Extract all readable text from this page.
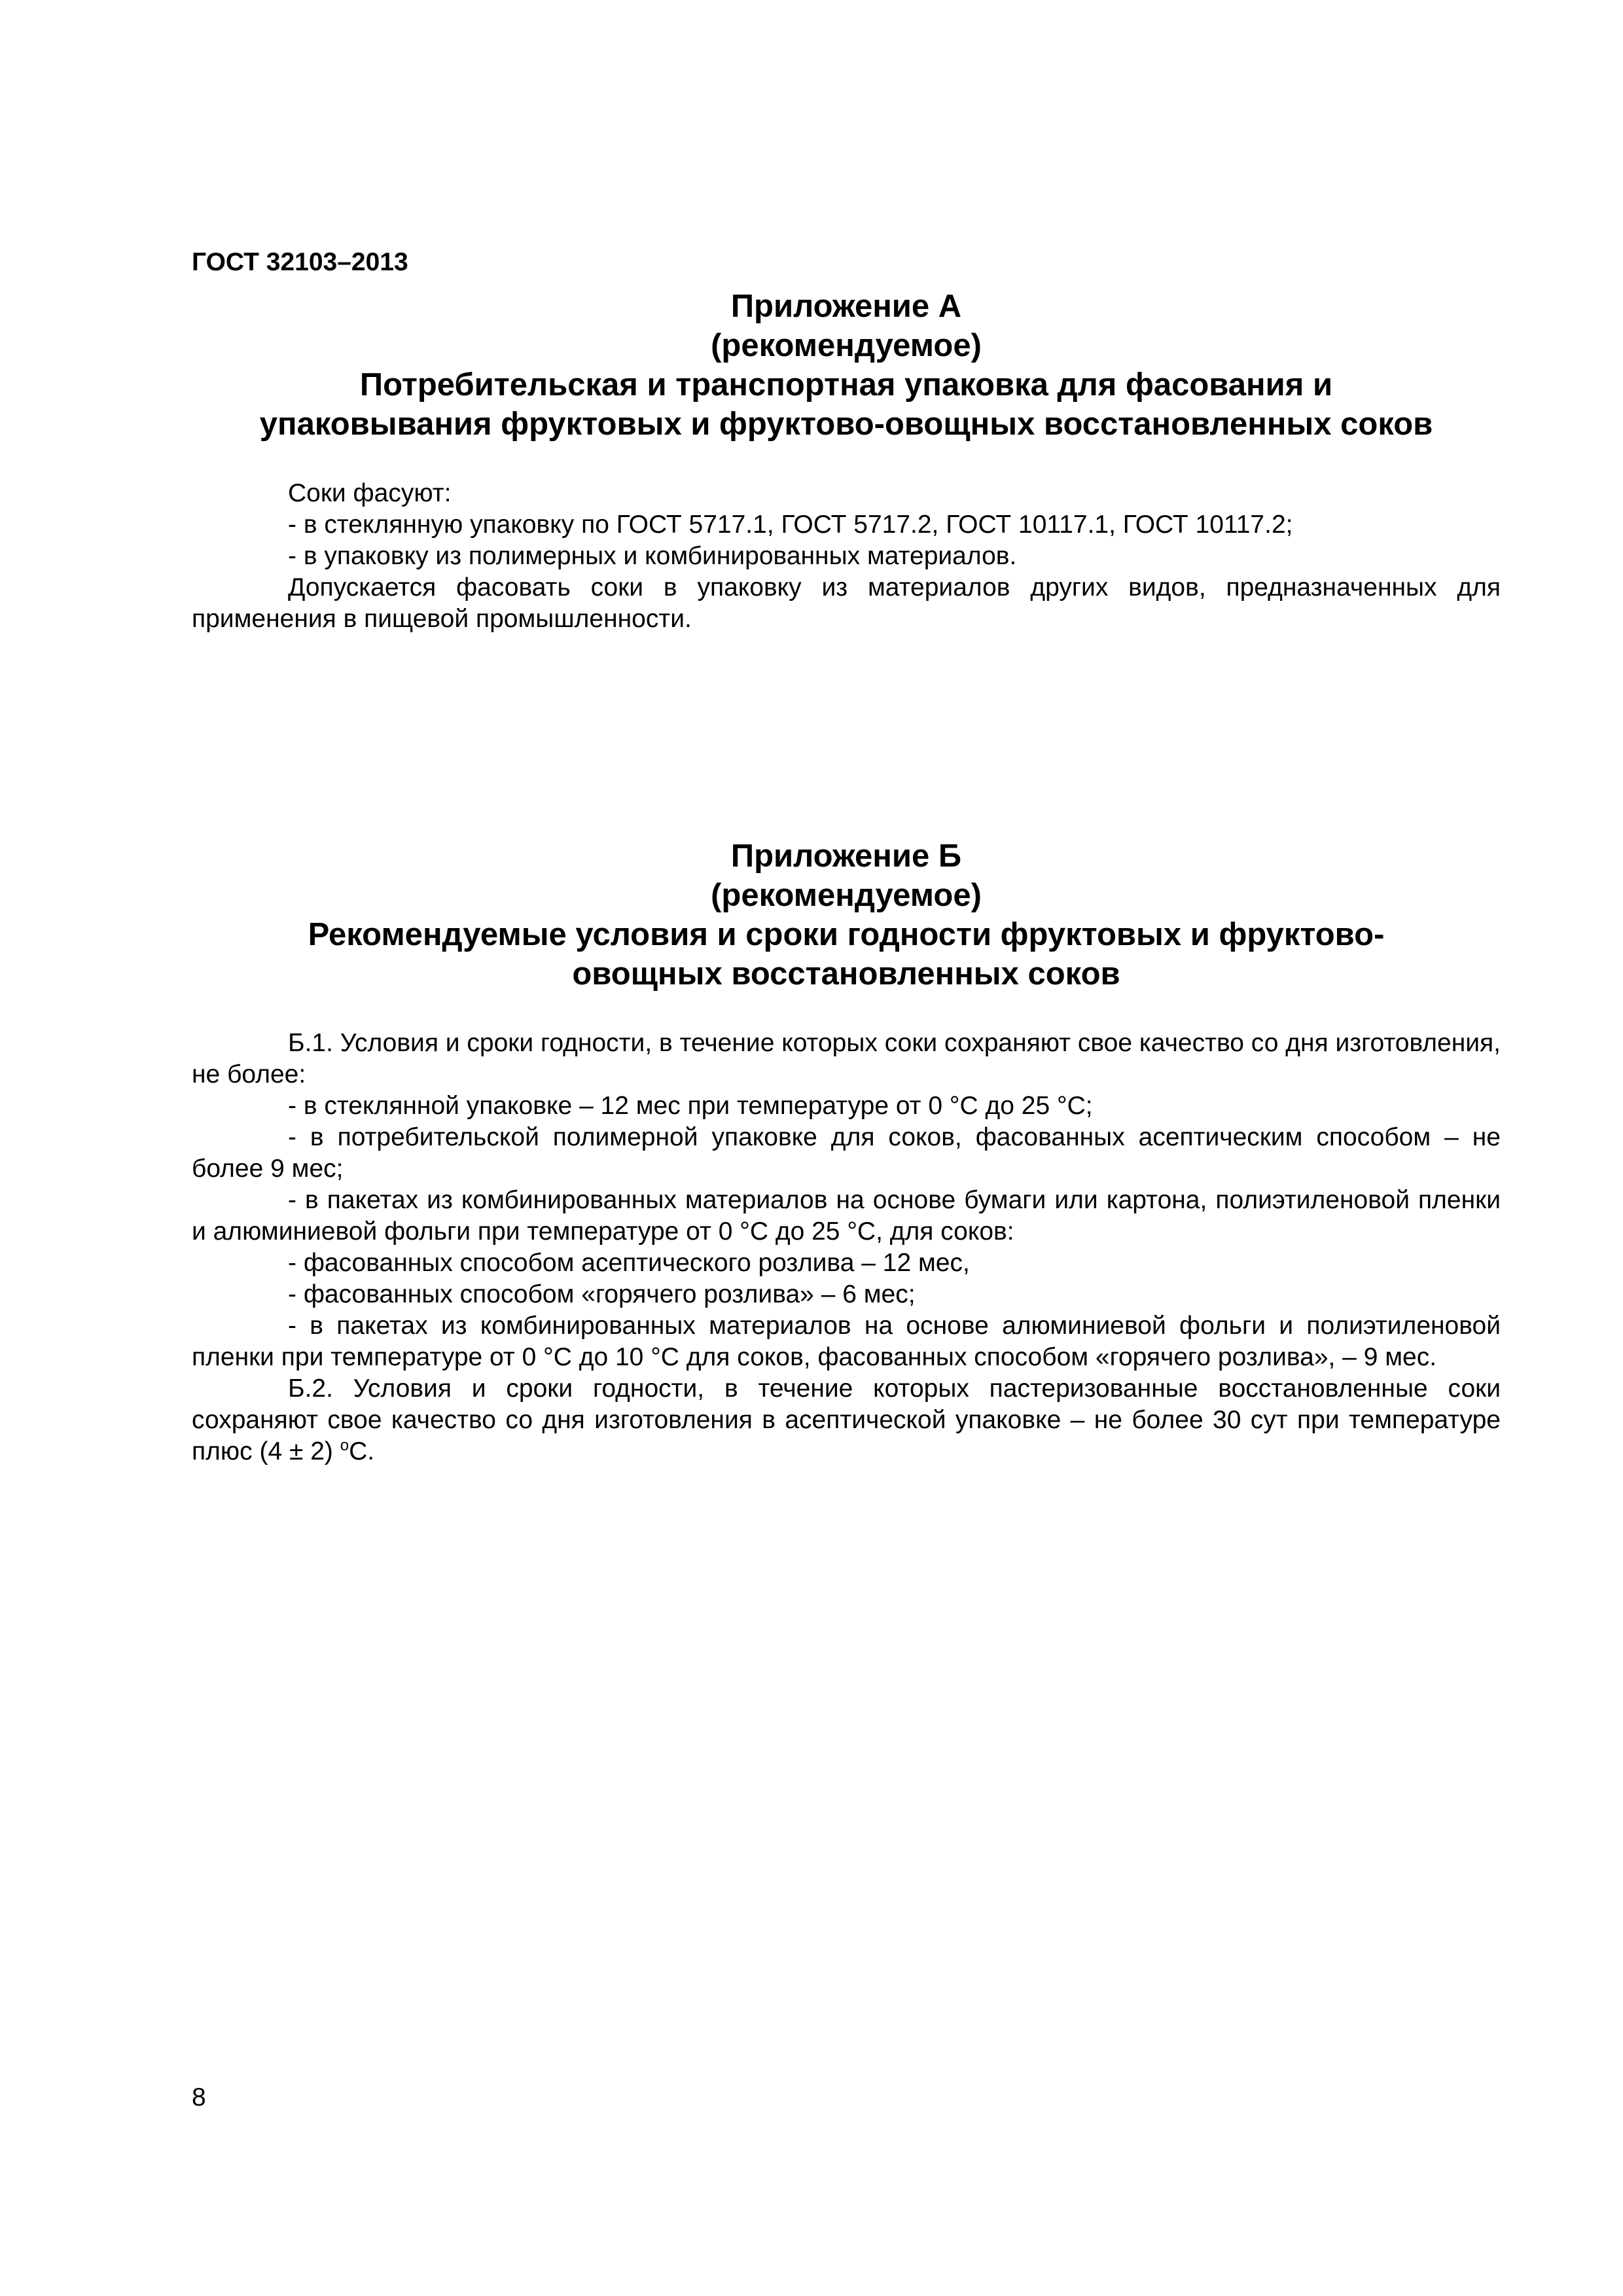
ГОСТ 32103–2013
Приложение А
(рекомендуемое)
Потребительская и транспортная упаковка для фасования и упаковывания фруктовых и фруктово-овощных восстановленных соков

Соки фасуют:

- в стеклянную упаковку по ГОСТ 5717.1, ГОСТ 5717.2, ГОСТ 10117.1, ГОСТ 10117.2;

- в упаковку из полимерных и комбинированных материалов.

Допускается фасовать соки в упаковку из материалов других видов, предназначенных для применения в пищевой промышленности.

Приложение Б
(рекомендуемое)
Рекомендуемые условия и сроки годности фруктовых и фруктово-овощных восстановленных соков

Б.1. Условия и сроки годности, в течение которых соки сохраняют свое качество со дня изготовления, не более:

- в стеклянной упаковке – 12 мес при температуре от 0 °С до 25 °С;

- в потребительской полимерной упаковке для соков, фасованных асептическим способом – не более 9 мес;

- в пакетах из комбинированных материалов на основе бумаги или картона, полиэтиленовой пленки и алюминиевой фольги при температуре от 0 °С до 25 °С, для соков:

- фасованных способом асептического розлива – 12 мес,

- фасованных способом «горячего розлива» – 6 мес;

- в пакетах из комбинированных материалов на основе алюминиевой фольги и полиэтиленовой пленки при температуре от 0 °С до 10 °С для соков, фасованных способом «горячего розлива», – 9 мес.

Б.2. Условия и сроки годности, в течение которых пастеризованные восстановленные соки сохраняют свое качество со дня изготовления в асептической упаковке – не более 30 сут при температуре плюс (4 ± 2) $^o$С.

8
